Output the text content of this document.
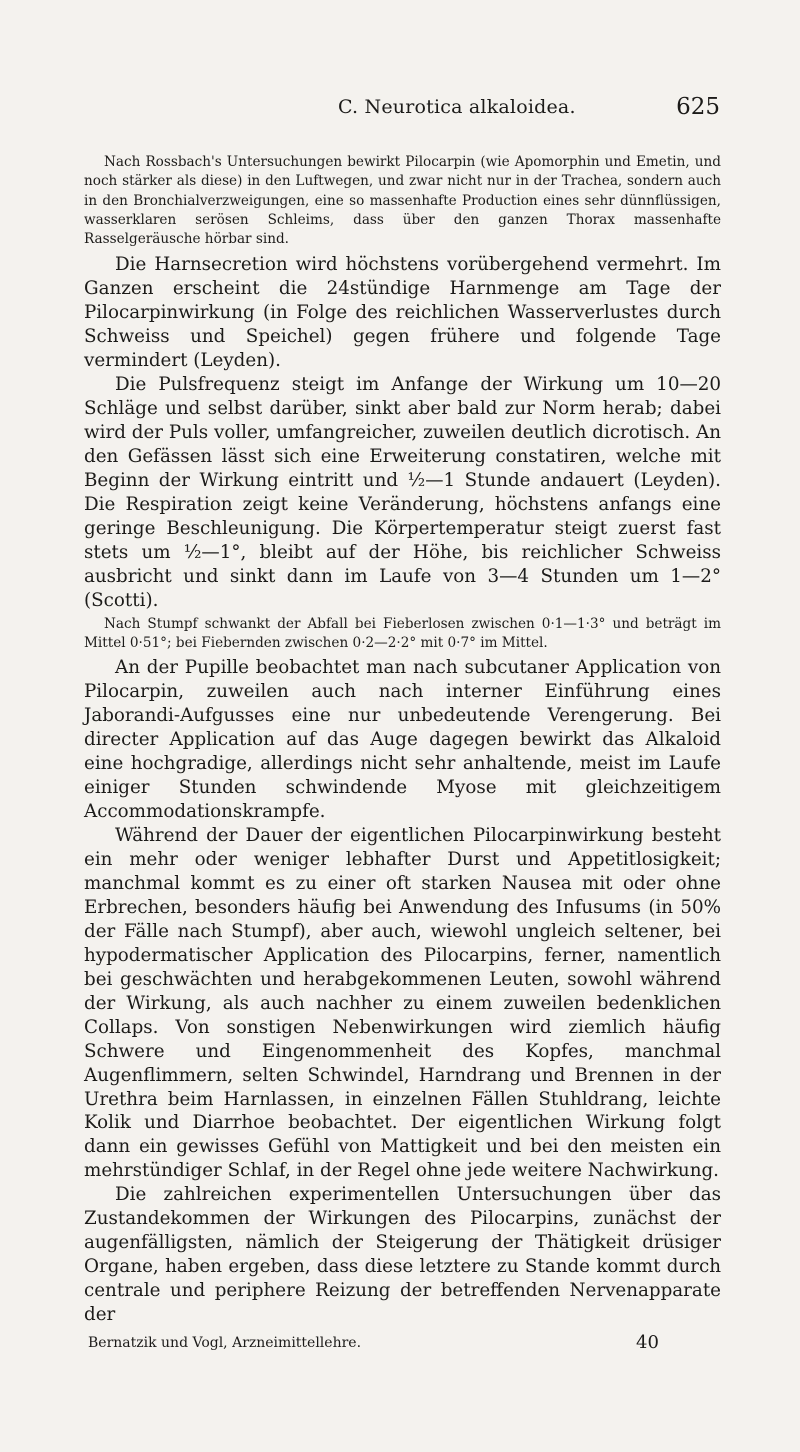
C. Neurotica alkaloidea.	625

Nach Rossbach's Untersuchungen bewirkt Pilocarpin (wie Apomorphin und Emetin, und noch stärker als diese) in den Luftwegen, und zwar nicht nur in der Trachea, sondern auch in den Bronchialverzweigungen, eine so massenhafte Production eines sehr dünnflüssigen, wasserklaren serösen Schleims, dass über den ganzen Thorax massenhafte Rasselgeräusche hörbar sind.

Die Harnsecretion wird höchstens vorübergehend vermehrt. Im Ganzen erscheint die 24stündige Harnmenge am Tage der Pilocarpinwirkung (in Folge des reichlichen Wasserverlustes durch Schweiss und Speichel) gegen frühere und folgende Tage vermindert (Leyden).

Die Pulsfrequenz steigt im Anfange der Wirkung um 10—20 Schläge und selbst darüber, sinkt aber bald zur Norm herab; dabei wird der Puls voller, umfangreicher, zuweilen deutlich dicrotisch. An den Gefässen lässt sich eine Erweiterung constatiren, welche mit Beginn der Wirkung eintritt und ½—1 Stunde andauert (Leyden). Die Respiration zeigt keine Veränderung, höchstens anfangs eine geringe Beschleunigung. Die Körpertemperatur steigt zuerst fast stets um ½—1°, bleibt auf der Höhe, bis reichlicher Schweiss ausbricht und sinkt dann im Laufe von 3—4 Stunden um 1—2° (Scotti).

Nach Stumpf schwankt der Abfall bei Fieberlosen zwischen 0·1—1·3° und beträgt im Mittel 0·51°; bei Fiebernden zwischen 0·2—2·2° mit 0·7° im Mittel.

An der Pupille beobachtet man nach subcutaner Application von Pilocarpin, zuweilen auch nach interner Einführung eines Jaborandi-Aufgusses eine nur unbedeutende Verengerung. Bei directer Application auf das Auge dagegen bewirkt das Alkaloid eine hochgradige, allerdings nicht sehr anhaltende, meist im Laufe einiger Stunden schwindende Myose mit gleichzeitigem Accommodationskrampfe.

Während der Dauer der eigentlichen Pilocarpinwirkung besteht ein mehr oder weniger lebhafter Durst und Appetitlosigkeit; manchmal kommt es zu einer oft starken Nausea mit oder ohne Erbrechen, besonders häufig bei Anwendung des Infusums (in 50% der Fälle nach Stumpf), aber auch, wiewohl ungleich seltener, bei hypodermatischer Application des Pilocarpins, ferner, namentlich bei geschwächten und herabgekommenen Leuten, sowohl während der Wirkung, als auch nachher zu einem zuweilen bedenklichen Collaps. Von sonstigen Nebenwirkungen wird ziemlich häufig Schwere und Eingenommenheit des Kopfes, manchmal Augenflimmern, selten Schwindel, Harndrang und Brennen in der Urethra beim Harnlassen, in einzelnen Fällen Stuhldrang, leichte Kolik und Diarrhoe beobachtet. Der eigentlichen Wirkung folgt dann ein gewisses Gefühl von Mattigkeit und bei den meisten ein mehrstündiger Schlaf, in der Regel ohne jede weitere Nachwirkung.

Die zahlreichen experimentellen Untersuchungen über das Zustandekommen der Wirkungen des Pilocarpins, zunächst der augenfälligsten, nämlich der Steigerung der Thätigkeit drüsiger Organe, haben ergeben, dass diese letztere zu Stande kommt durch centrale und periphere Reizung der betreffenden Nervenapparate der

Bernatzik und Vogl, Arzneimittellehre.	40
